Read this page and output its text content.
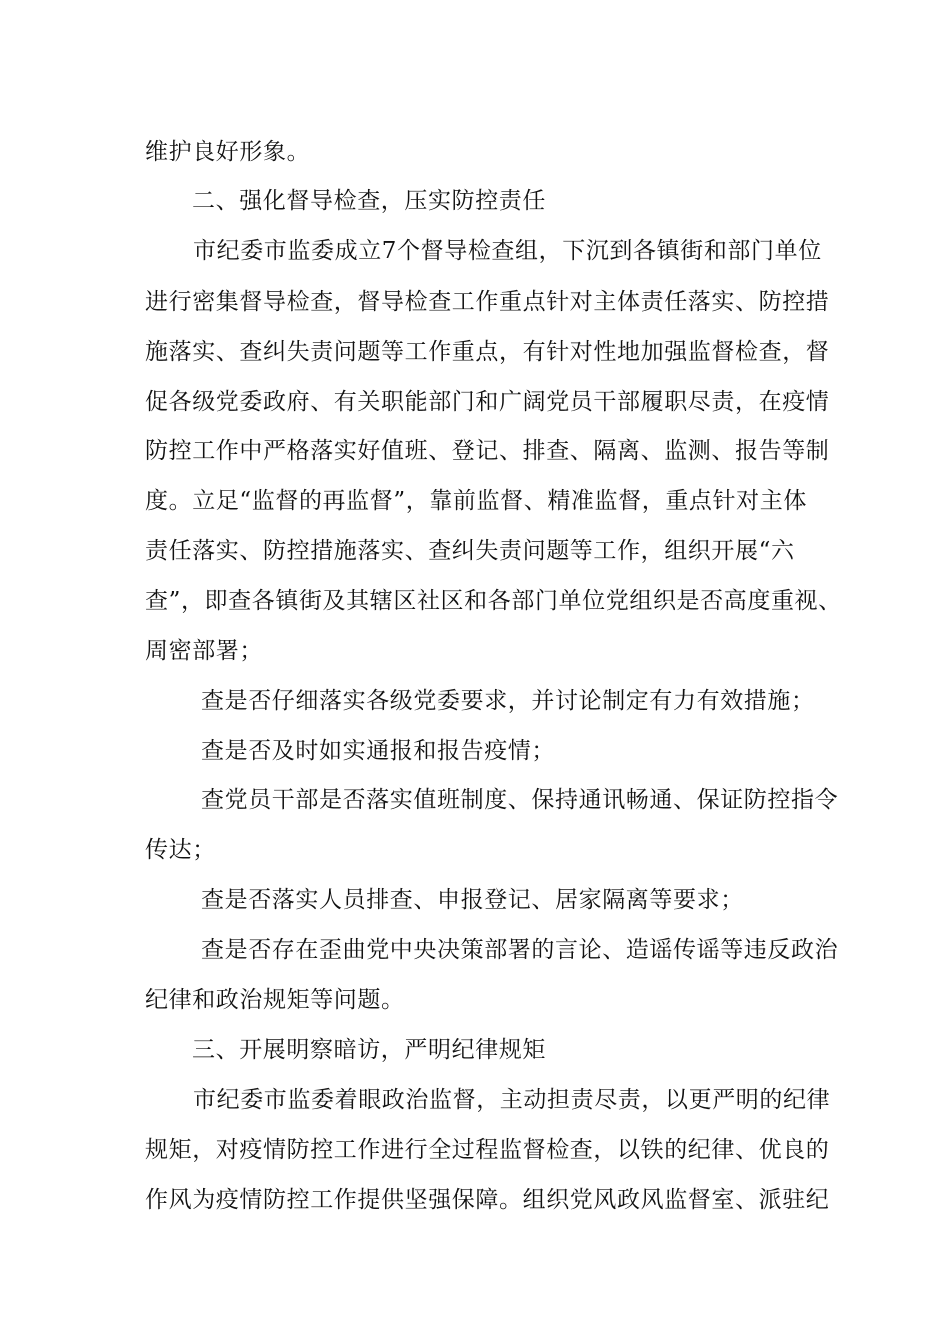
维护良好形象。
二、强化督导检查，压实防控责任
市纪委市监委成立7个督导检查组，下沉到各镇街和部门单位
进行密集督导检查，督导检查工作重点针对主体责任落实、防控措
施落实、查纠失责问题等工作重点，有针对性地加强监督检查，督
促各级党委政府、有关职能部门和广阔党员干部履职尽责，在疫情
防控工作中严格落实好值班、登记、排查、隔离、监测、报告等制
度。立足“监督的再监督”，靠前监督、精准监督，重点针对主体
责任落实、防控措施落实、查纠失责问题等工作，组织开展“六
查”，即查各镇街及其辖区社区和各部门单位党组织是否高度重视、
周密部署；
查是否仔细落实各级党委要求，并讨论制定有力有效措施；
查是否及时如实通报和报告疫情；
查党员干部是否落实值班制度、保持通讯畅通、保证防控指令
传达；
查是否落实人员排查、申报登记、居家隔离等要求；
查是否存在歪曲党中央决策部署的言论、造谣传谣等违反政治
纪律和政治规矩等问题。
三、开展明察暗访，严明纪律规矩
市纪委市监委着眼政治监督，主动担责尽责，以更严明的纪律
规矩，对疫情防控工作进行全过程监督检查，以铁的纪律、优良的
作风为疫情防控工作提供坚强保障。组织党风政风监督室、派驻纪
